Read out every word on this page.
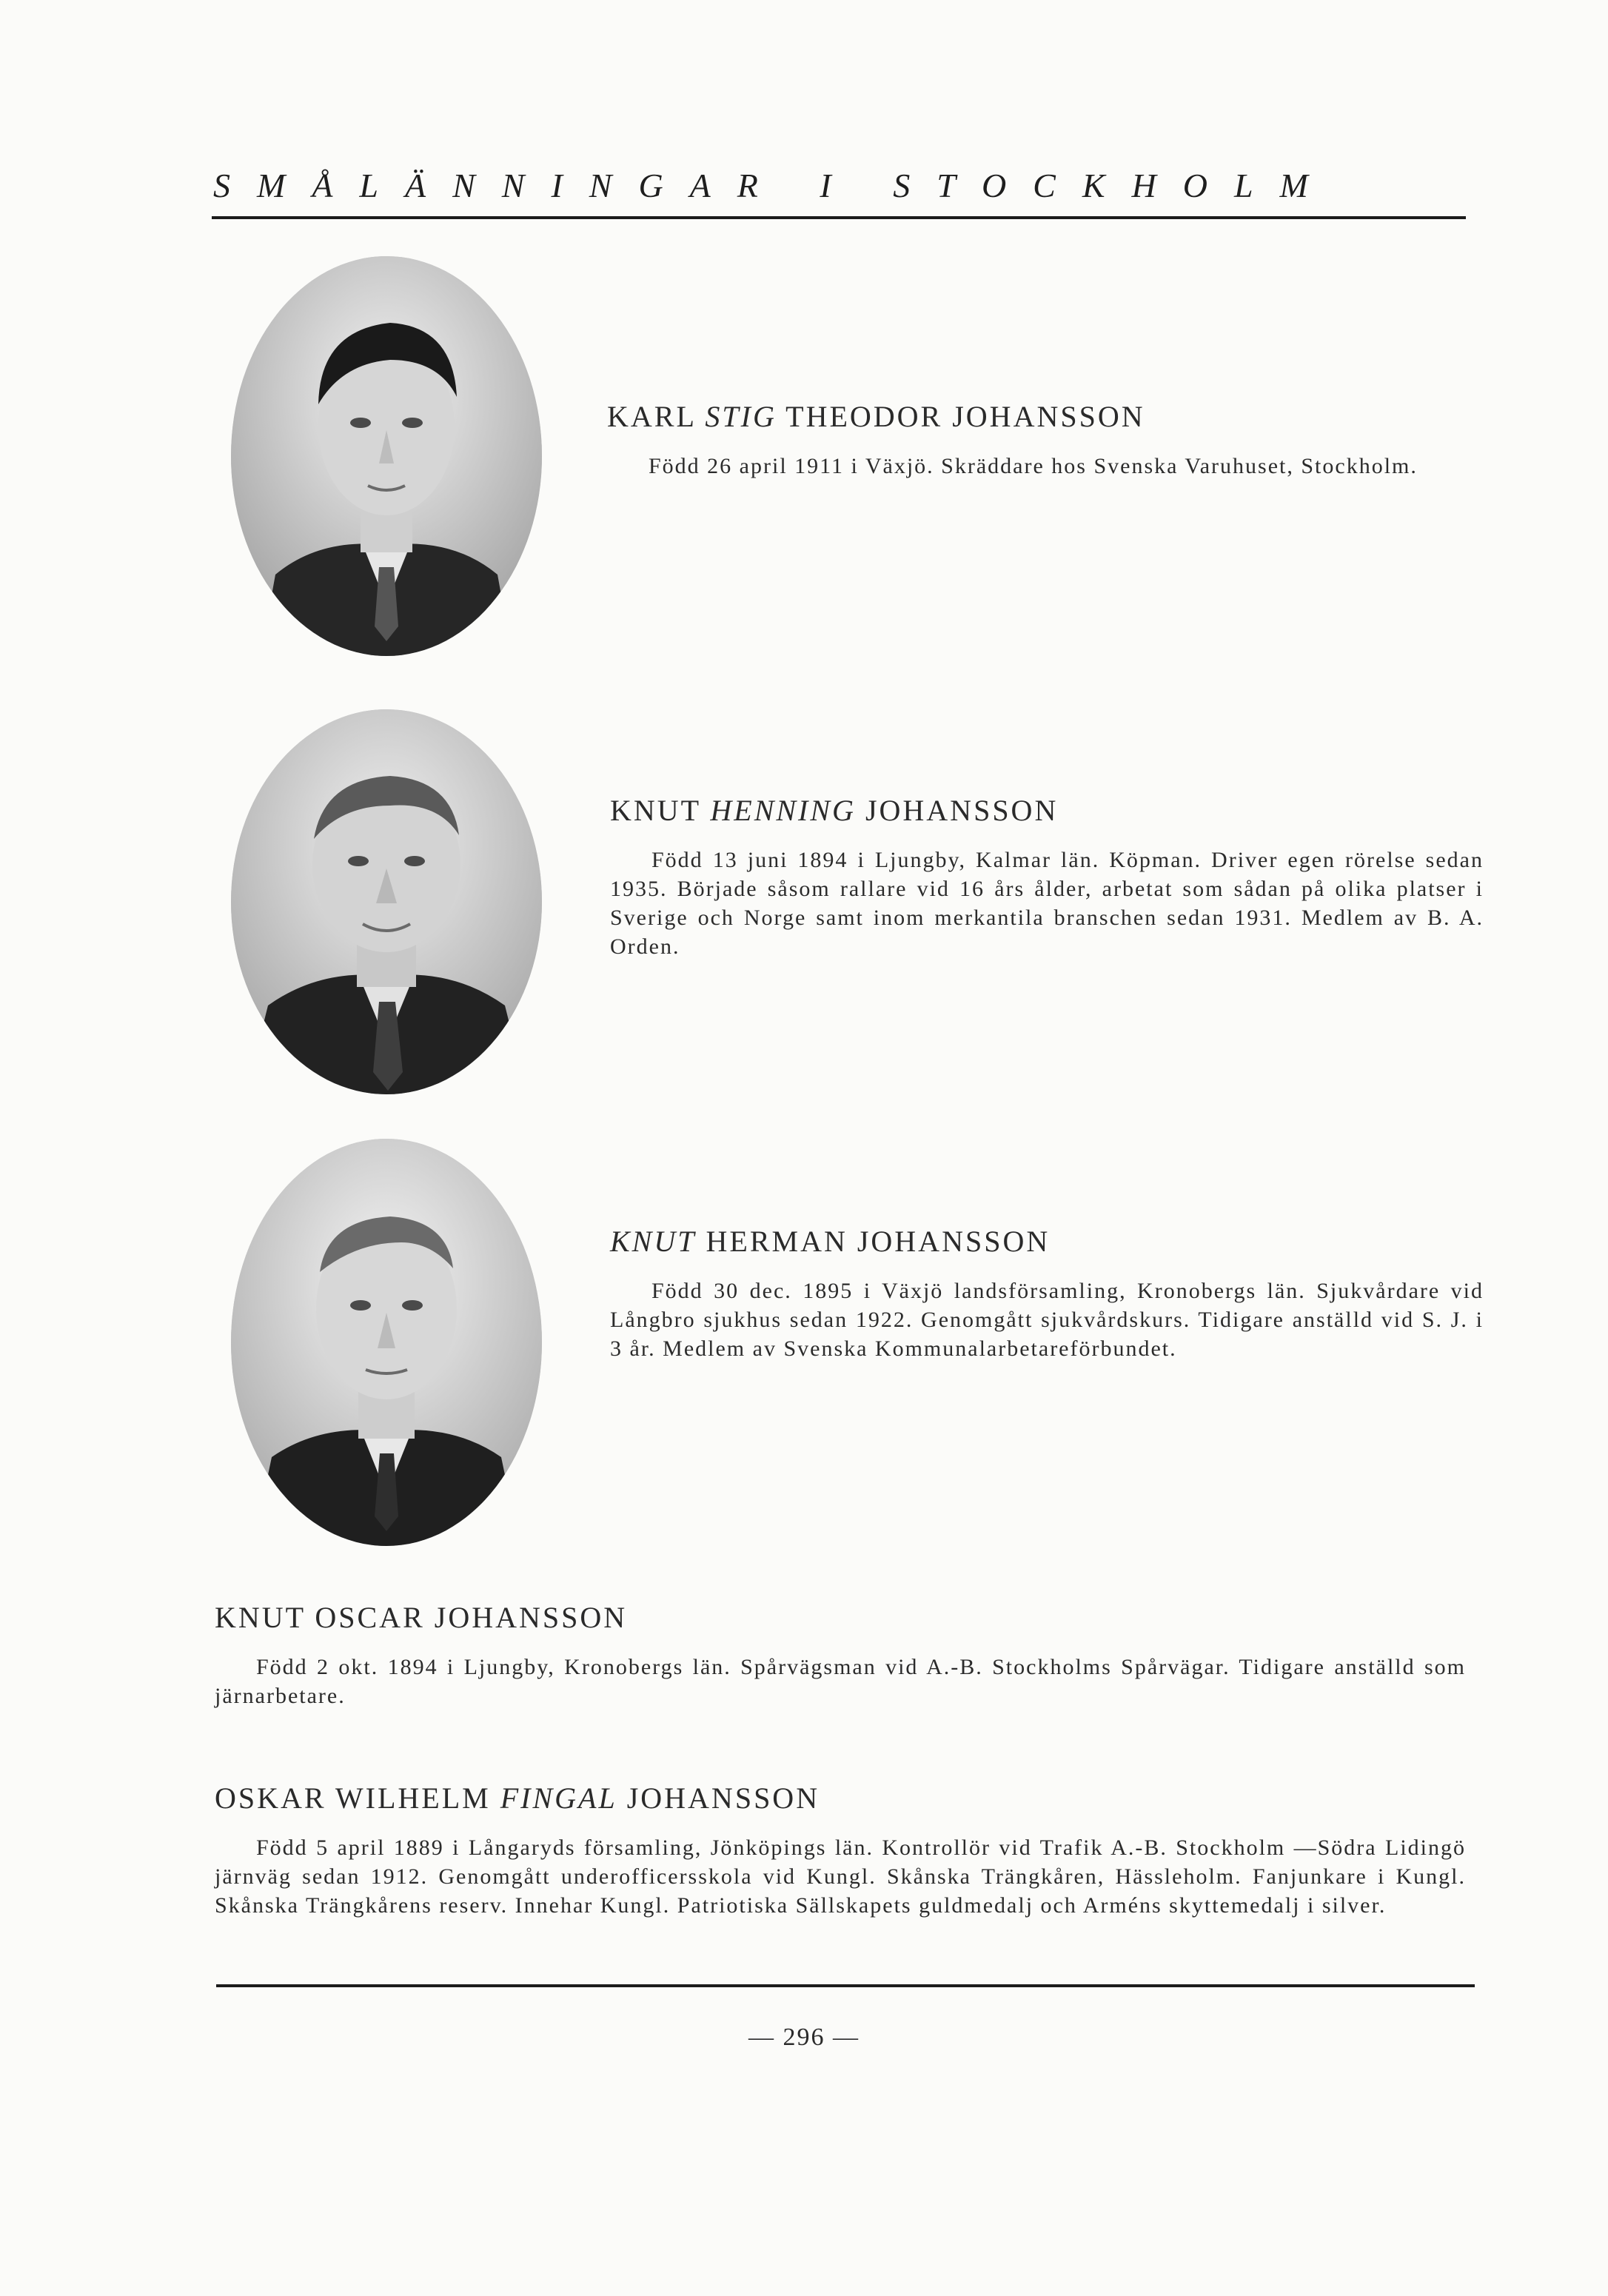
SMÅLÄNNINGAR I STOCKHOLM
KARL STIG THEODOR JOHANSSON
Född 26 april 1911 i Växjö. Skräddare hos Svenska Varuhuset, Stockholm.
KNUT HENNING JOHANSSON
Född 13 juni 1894 i Ljungby, Kalmar län. Köpman. Driver egen rörelse sedan 1935. Började såsom rallare vid 16 års ålder, arbetat som sådan på olika platser i Sverige och Norge samt inom merkantila branschen sedan 1931. Medlem av B. A. Orden.
KNUT HERMAN JOHANSSON
Född 30 dec. 1895 i Växjö landsförsamling, Kronobergs län. Sjukvårdare vid Långbro sjukhus sedan 1922. Genomgått sjukvårdskurs. Tidigare anställd vid S. J. i 3 år. Medlem av Svenska Kommunalarbetareförbundet.
KNUT OSCAR JOHANSSON
Född 2 okt. 1894 i Ljungby, Kronobergs län. Spårvägsman vid A.-B. Stockholms Spårvägar. Tidigare anställd som järnarbetare.
OSKAR WILHELM FINGAL JOHANSSON
Född 5 april 1889 i Långaryds församling, Jönköpings län. Kontrollör vid Trafik A.-B. Stockholm —Södra Lidingö järnväg sedan 1912. Genomgått underofficersskola vid Kungl. Skånska Trängkåren, Hässleholm. Fanjunkare i Kungl. Skånska Trängkårens reserv. Innehar Kungl. Patriotiska Sällskapets guldmedalj och Arméns skyttemedalj i silver.
— 296 —
